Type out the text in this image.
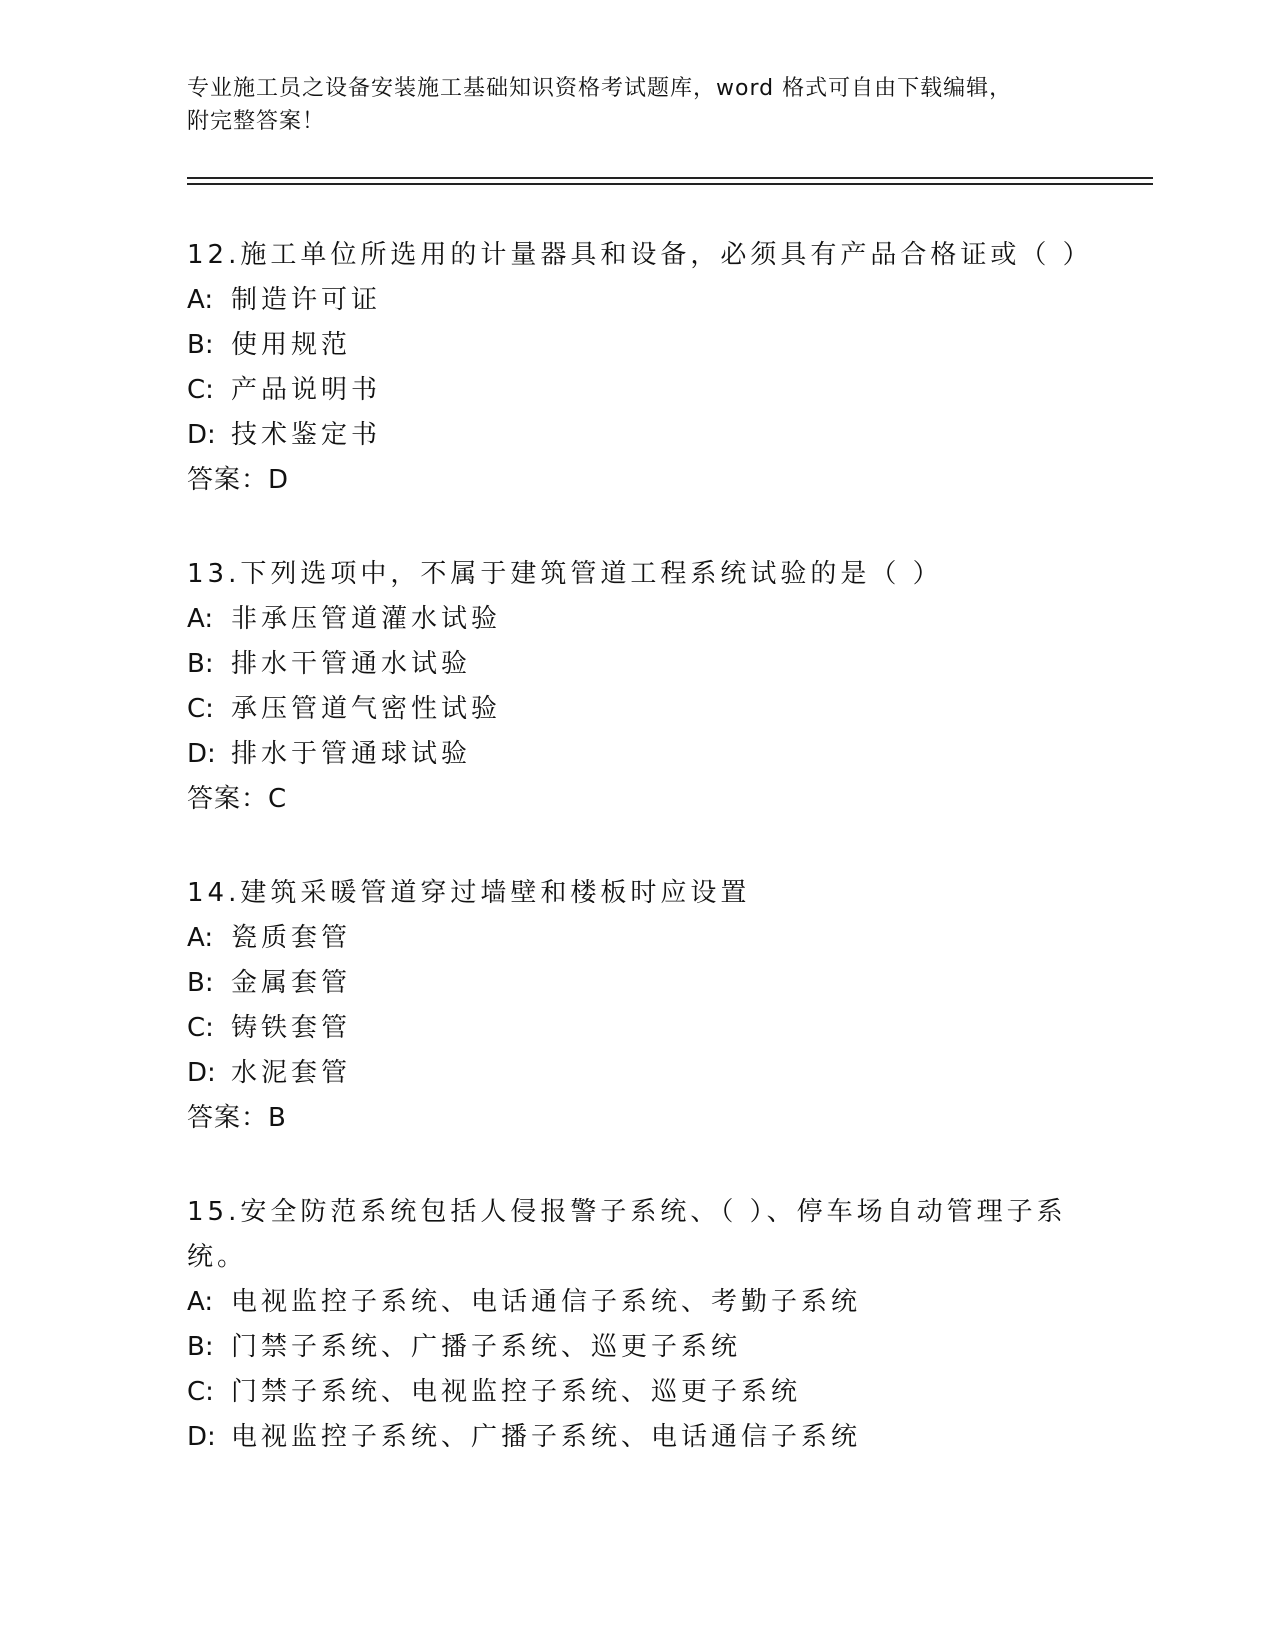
专业施工员之设备安装施工基础知识资格考试题库，word 格式可自由下载编辑，
附完整答案！

12.施工单位所选用的计量器具和设备，必须具有产品合格证或（ ）

A: 制造许可证

B: 使用规范

C: 产品说明书

D: 技术鉴定书

答案：D

13.下列选项中，不属于建筑管道工程系统试验的是（ ）

A: 非承压管道灌水试验

B: 排水干管通水试验

C: 承压管道气密性试验

D: 排水于管通球试验

答案：C

14.建筑采暖管道穿过墙壁和楼板时应设置

A: 瓷质套管

B: 金属套管

C: 铸铁套管

D: 水泥套管

答案：B

15.安全防范系统包括人侵报警子系统、（ ）、停车场自动管理子系

统。

A: 电视监控子系统、电话通信子系统、考勤子系统

B: 门禁子系统、广播子系统、巡更子系统

C: 门禁子系统、电视监控子系统、巡更子系统

D: 电视监控子系统、广播子系统、电话通信子系统
